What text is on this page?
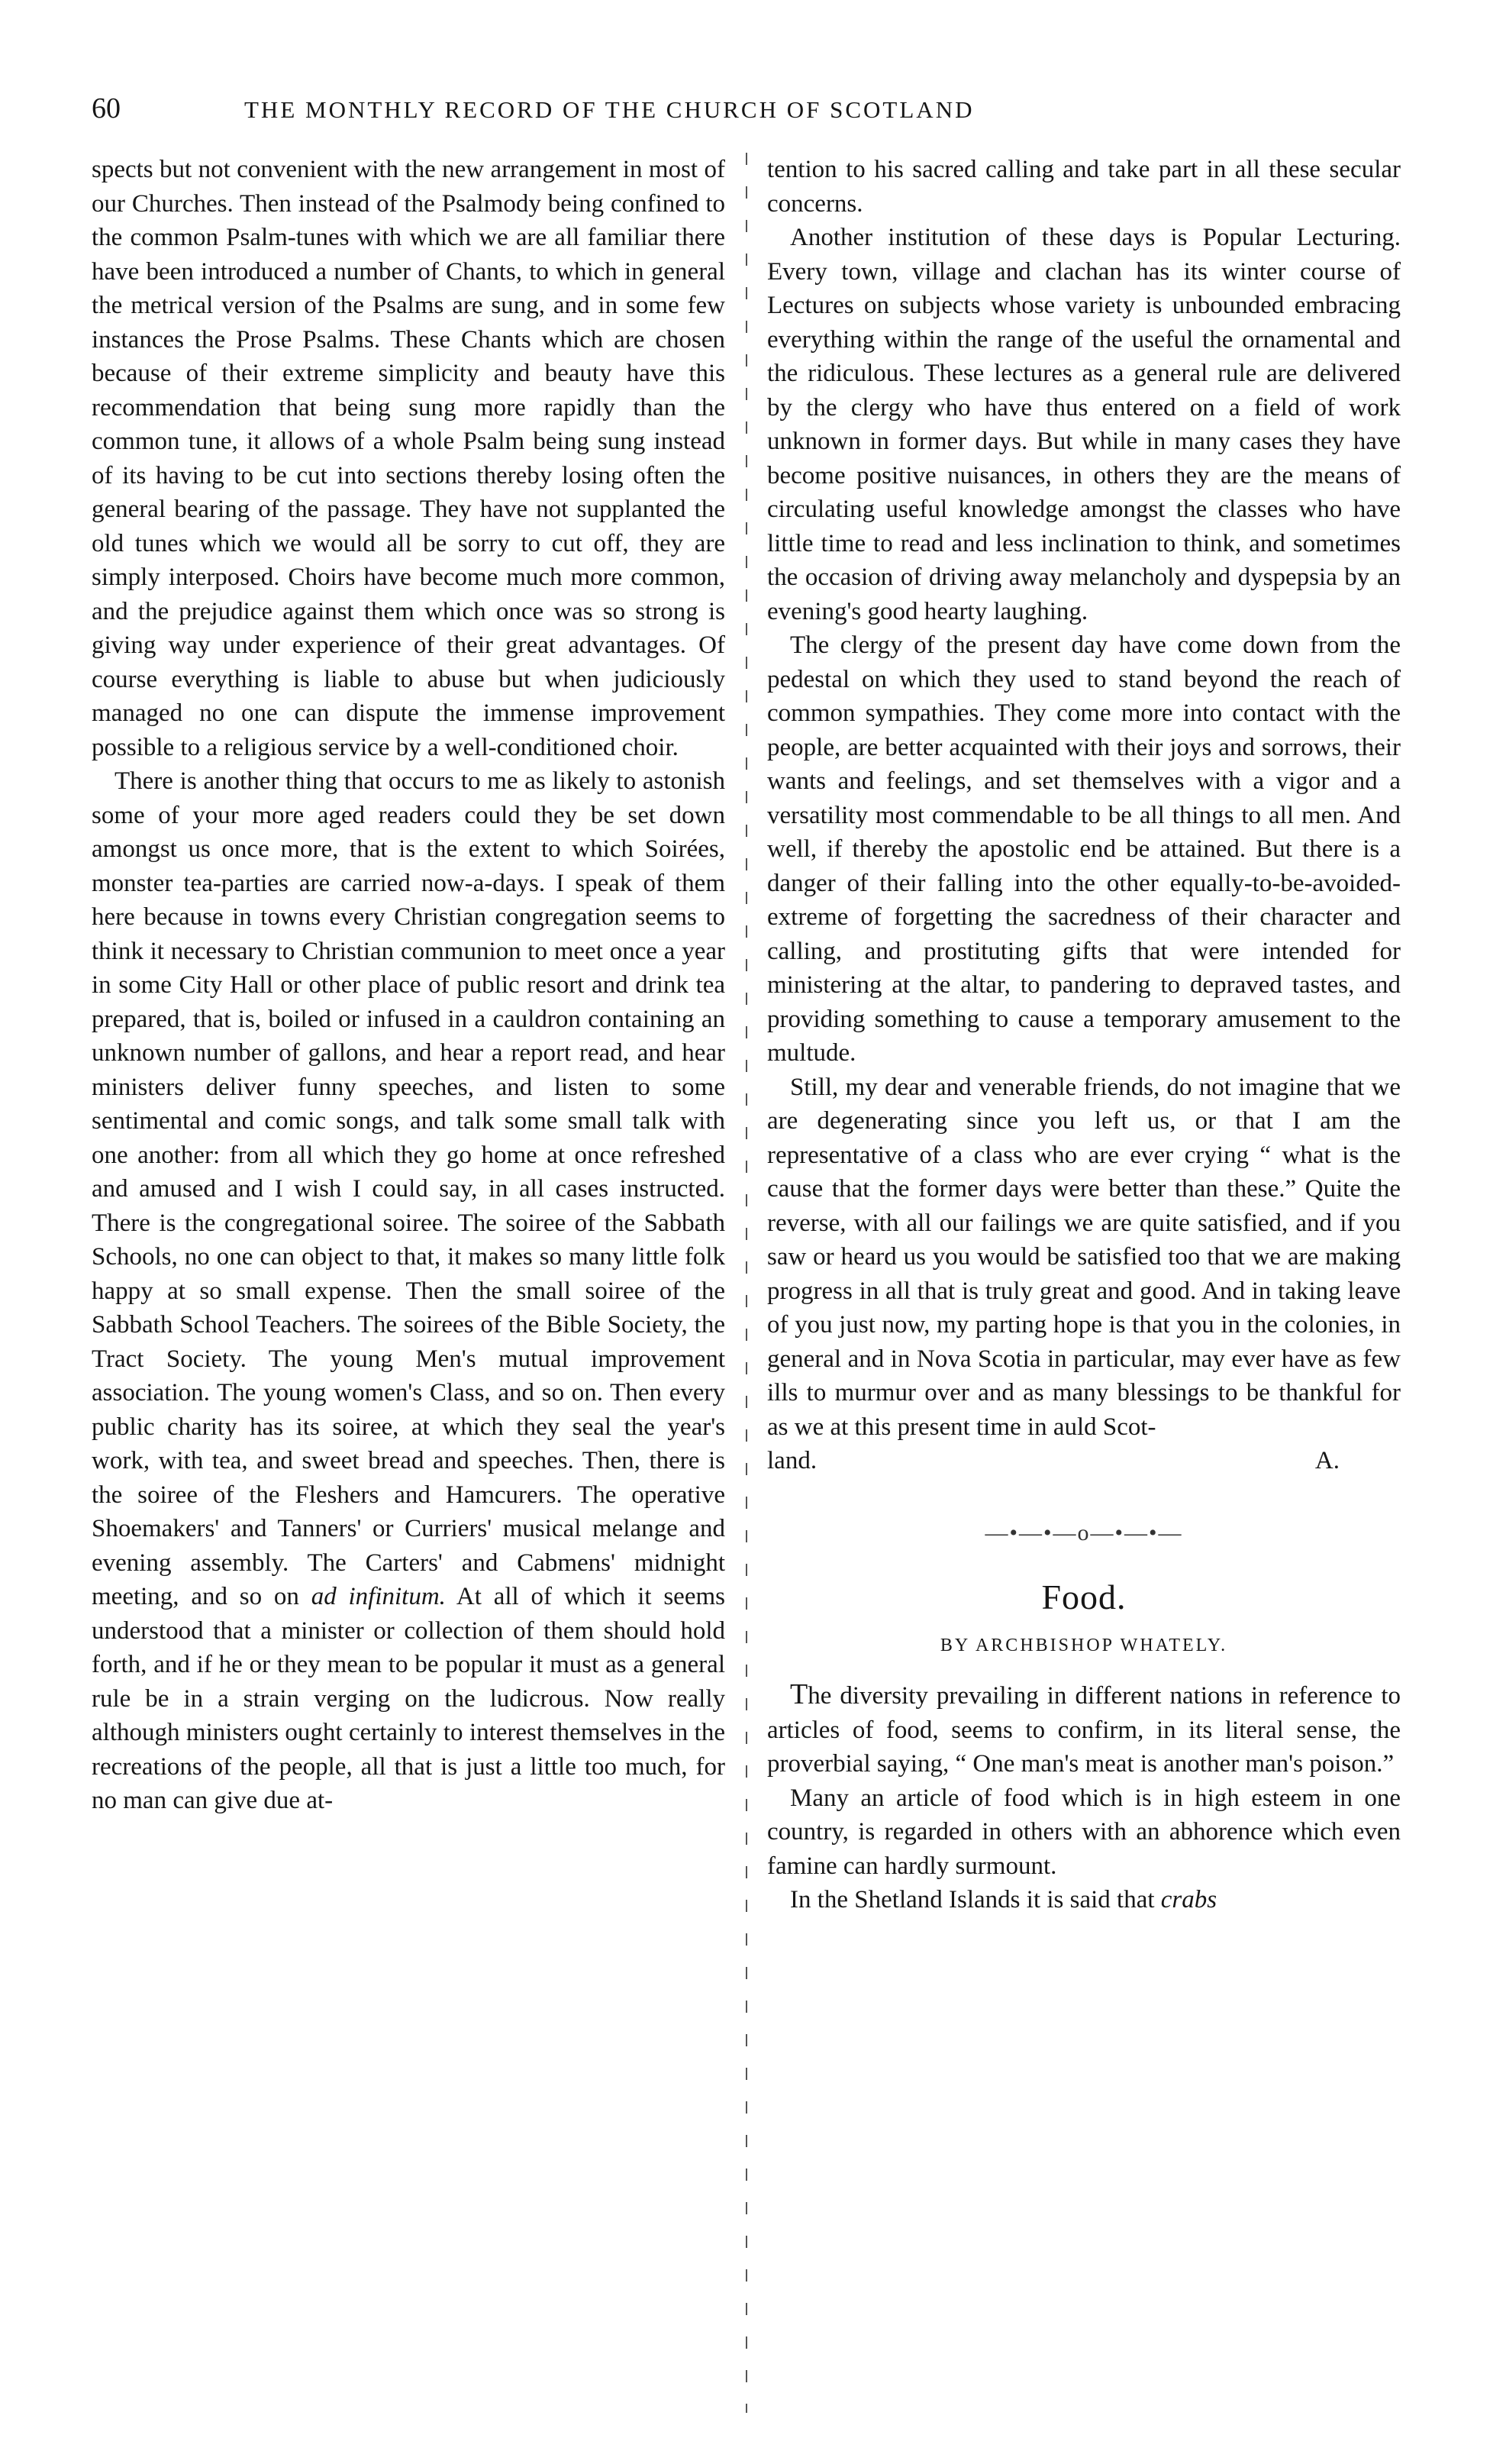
60	THE MONTHLY RECORD OF THE CHURCH OF SCOTLAND

spects but not convenient with the new arrangement in most of our Churches. Then instead of the Psalmody being confined to the common Psalm-tunes with which we are all familiar there have been introduced a number of Chants, to which in general the metrical version of the Psalms are sung, and in some few instances the Prose Psalms. These Chants which are chosen because of their extreme simplicity and beauty have this recommendation that being sung more rapidly than the common tune, it allows of a whole Psalm being sung instead of its having to be cut into sections thereby losing often the general bearing of the passage. They have not supplanted the old tunes which we would all be sorry to cut off, they are simply interposed. Choirs have become much more common, and the prejudice against them which once was so strong is giving way under experience of their great advantages. Of course everything is liable to abuse but when judiciously managed no one can dispute the immense improvement possible to a religious service by a well-conditioned choir.

There is another thing that occurs to me as likely to astonish some of your more aged readers could they be set down amongst us once more, that is the extent to which Soirées, monster tea-parties are carried now-a-days. I speak of them here because in towns every Christian congregation seems to think it necessary to Christian communion to meet once a year in some City Hall or other place of public resort and drink tea prepared, that is, boiled or infused in a cauldron containing an unknown number of gallons, and hear a report read, and hear ministers deliver funny speeches, and listen to some sentimental and comic songs, and talk some small talk with one another: from all which they go home at once refreshed and amused and I wish I could say, in all cases instructed. There is the congregational soiree. The soiree of the Sabbath Schools, no one can object to that, it makes so many little folk happy at so small expense. Then the small soiree of the Sabbath School Teachers. The soirees of the Bible Society, the Tract Society. The young Men's mutual improvement association. The young women's Class, and so on. Then every public charity has its soiree, at which they seal the year's work, with tea, and sweet bread and speeches. Then, there is the soiree of the Fleshers and Hamcurers. The operative Shoemakers' and Tanners' or Curriers' musical melange and evening assembly. The Carters' and Cabmens' midnight meeting, and so on ad infinitum. At all of which it seems understood that a minister or collection of them should hold forth, and if he or they mean to be popular it must as a general rule be in a strain verging on the ludicrous. Now really although ministers ought certainly to interest themselves in the recreations of the people, all that is just a little too much, for no man can give due at-

tention to his sacred calling and take part in all these secular concerns.

Another institution of these days is Popular Lecturing. Every town, village and clachan has its winter course of Lectures on subjects whose variety is unbounded embracing everything within the range of the useful the ornamental and the ridiculous. These lectures as a general rule are delivered by the clergy who have thus entered on a field of work unknown in former days. But while in many cases they have become positive nuisances, in others they are the means of circulating useful knowledge amongst the classes who have little time to read and less inclination to think, and sometimes the occasion of driving away melancholy and dyspepsia by an evening's good hearty laughing.

The clergy of the present day have come down from the pedestal on which they used to stand beyond the reach of common sympathies. They come more into contact with the people, are better acquainted with their joys and sorrows, their wants and feelings, and set themselves with a vigor and a versatility most commendable to be all things to all men. And well, if thereby the apostolic end be attained. But there is a danger of their falling into the other equally-to-be-avoided-extreme of forgetting the sacredness of their character and calling, and prostituting gifts that were intended for ministering at the altar, to pandering to depraved tastes, and providing something to cause a temporary amusement to the multude.

Still, my dear and venerable friends, do not imagine that we are degenerating since you left us, or that I am the representative of a class who are ever crying “ what is the cause that the former days were better than these.” Quite the reverse, with all our failings we are quite satisfied, and if you saw or heard us you would be satisfied too that we are making progress in all that is truly great and good. And in taking leave of you just now, my parting hope is that you in the colonies, in general and in Nova Scotia in particular, may ever have as few ills to murmur over and as many blessings to be thankful for as we at this present time in auld Scot-

land.	A.
—•—•—o—•—•—
Food.
BY ARCHBISHOP WHATELY.

The diversity prevailing in different nations in reference to articles of food, seems to confirm, in its literal sense, the proverbial saying, “ One man's meat is another man's poison.”

Many an article of food which is in high esteem in one country, is regarded in others with an abhorence which even famine can hardly surmount.

In the Shetland Islands it is said that crabs
